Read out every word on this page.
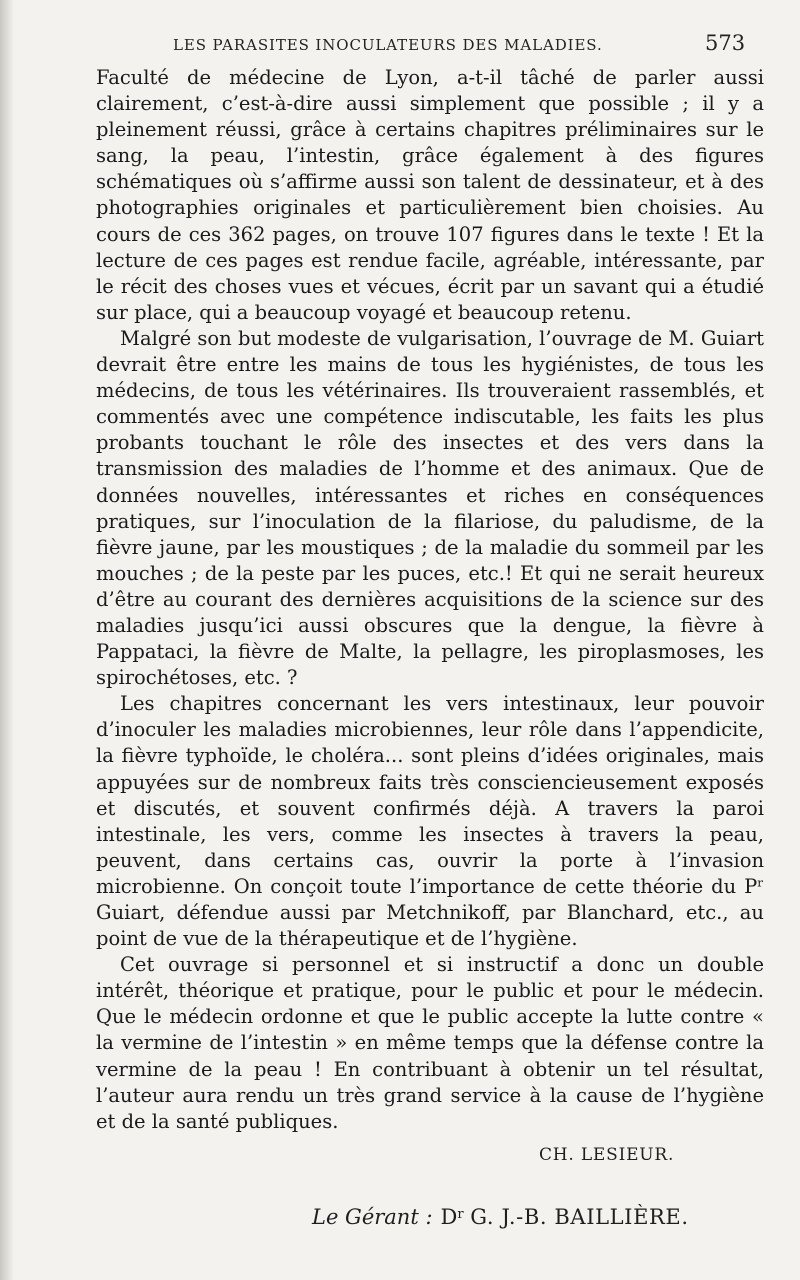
LES PARASITES INOCULATEURS DES MALADIES.	573

Faculté de médecine de Lyon, a-t-il tâché de parler aussi clairement, c’est-à-dire aussi simplement que possible ; il y a pleinement réussi, grâce à certains chapitres préliminaires sur le sang, la peau, l’intestin, grâce également à des figures schématiques où s’affirme aussi son talent de dessinateur, et à des photographies originales et particulièrement bien choisies. Au cours de ces 362 pages, on trouve 107 figures dans le texte ! Et la lecture de ces pages est rendue facile, agréable, intéressante, par le récit des choses vues et vécues, écrit par un savant qui a étudié sur place, qui a beaucoup voyagé et beaucoup retenu.

Malgré son but modeste de vulgarisation, l’ouvrage de M. Guiart devrait être entre les mains de tous les hygiénistes, de tous les médecins, de tous les vétérinaires. Ils trouveraient rassemblés, et commentés avec une compétence indiscutable, les faits les plus probants touchant le rôle des insectes et des vers dans la transmission des maladies de l’homme et des animaux. Que de données nouvelles, intéressantes et riches en conséquences pratiques, sur l’inoculation de la filariose, du paludisme, de la fièvre jaune, par les moustiques ; de la maladie du sommeil par les mouches ; de la peste par les puces, etc.! Et qui ne serait heureux d’être au courant des dernières acquisitions de la science sur des maladies jusqu’ici aussi obscures que la dengue, la fièvre à Pappataci, la fièvre de Malte, la pellagre, les piroplasmoses, les spirochétoses, etc. ?

Les chapitres concernant les vers intestinaux, leur pouvoir d’inoculer les maladies microbiennes, leur rôle dans l’appendicite, la fièvre typhoïde, le choléra... sont pleins d’idées originales, mais appuyées sur de nombreux faits très consciencieusement exposés et discutés, et souvent confirmés déjà. A travers la paroi intestinale, les vers, comme les insectes à travers la peau, peuvent, dans certains cas, ouvrir la porte à l’invasion microbienne. On conçoit toute l’importance de cette théorie du Pʳ Guiart, défendue aussi par Metchnikoff, par Blanchard, etc., au point de vue de la thérapeutique et de l’hygiène.

Cet ouvrage si personnel et si instructif a donc un double intérêt, théorique et pratique, pour le public et pour le médecin. Que le médecin ordonne et que le public accepte la lutte contre « la vermine de l’intestin » en même temps que la défense contre la vermine de la peau ! En contribuant à obtenir un tel résultat, l’auteur aura rendu un très grand service à la cause de l’hygiène et de la santé publiques.

CH. LESIEUR.
Le Gérant : $D^r$ G. J.-B. BAILLIÈRE.
